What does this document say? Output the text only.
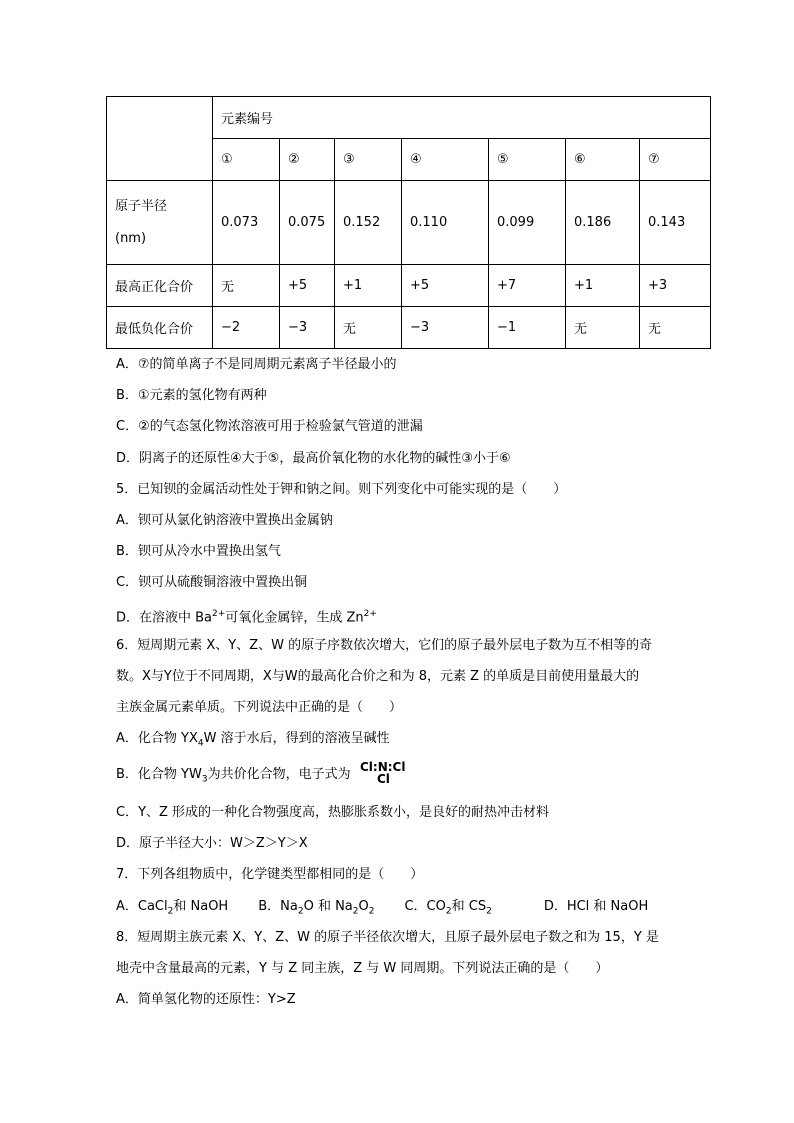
	元素编号						
	①	②	③	④	⑤	⑥	⑦

原子半径
(nm)	0.073	0.075	0.152	0.110	0.099	0.186	0.143
最高正化合价	无	+5	+1	+5	+7	+1	+3
最低负化合价	−2	−3	无	−3	−1	无	无
A．⑦的简单离子不是同周期元素离子半径最小的
B．①元素的氢化物有两种
C．②的气态氢化物浓溶液可用于检验氯气管道的泄漏
D．阴离子的还原性④大于⑤，最高价氧化物的水化物的碱性③小于⑥
5．已知钡的金属活动性处于钾和钠之间。则下列变化中可能实现的是（　　）
A．钡可从氯化钠溶液中置换出金属钠
B．钡可从冷水中置换出氢气
C．钡可从硫酸铜溶液中置换出铜
D．在溶液中 $Ba^{2+}$可氧化金属锌，生成 $Zn^{2+}$
6．短周期元素 X、Y、Z、W 的原子序数依次增大，它们的原子最外层电子数为互不相等的奇
数。X与Y位于不同周期，X与W的最高化合价之和为 8，元素 Z 的单质是目前使用量最大的
主族金属元素单质。下列说法中正确的是（　　）
A．化合物 $YX_4W$ 溶于水后，得到的溶液呈碱性
B．化合物 $YW_3$为共价化合物，电子式为 Cl:N:Cl
Cl
C．Y、Z 形成的一种化合物强度高，热膨胀系数小，是良好的耐热冲击材料
D．原子半径大小：W＞Z＞Y＞X
7．下列各组物质中，化学键类型都相同的是（　　）
A．CaCl$_2$和 NaOH B．$Na_2O$ 和 $Na_2O_2$ C．$CO_2$和 $CS_2$	D．HCl 和 NaOH
8．短周期主族元素 X、Y、Z、W 的原子半径依次增大，且原子最外层电子数之和为 15，Y 是
地壳中含量最高的元素，Y 与 Z 同主族，Z 与 W 同周期。下列说法正确的是（　　）
A．简单氢化物的还原性：Y>Z
